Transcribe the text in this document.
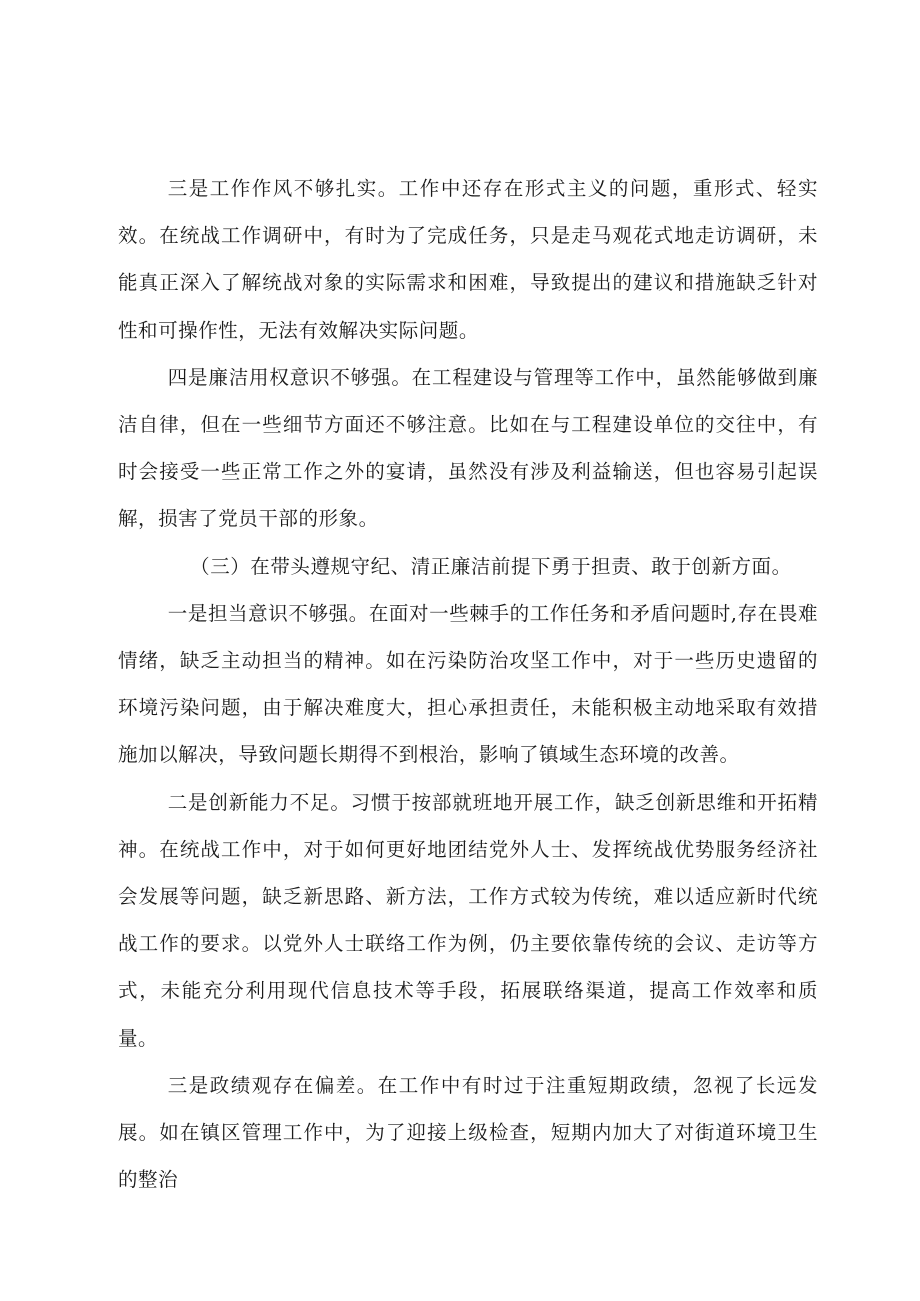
三是工作作风不够扎实。工作中还存在形式主义的问题，重形式、轻实效。在统战工作调研中，有时为了完成任务，只是走马观花式地走访调研，未能真正深入了解统战对象的实际需求和困难，导致提出的建议和措施缺乏针对性和可操作性，无法有效解决实际问题。

四是廉洁用权意识不够强。在工程建设与管理等工作中，虽然能够做到廉洁自律，但在一些细节方面还不够注意。比如在与工程建设单位的交往中，有时会接受一些正常工作之外的宴请，虽然没有涉及利益输送，但也容易引起误解，损害了党员干部的形象。

（三）在带头遵规守纪、清正廉洁前提下勇于担责、敢于创新方面。

一是担当意识不够强。在面对一些棘手的工作任务和矛盾问题时,存在畏难情绪，缺乏主动担当的精神。如在污染防治攻坚工作中，对于一些历史遗留的环境污染问题，由于解决难度大，担心承担责任，未能积极主动地采取有效措施加以解决，导致问题长期得不到根治，影响了镇域生态环境的改善。

二是创新能力不足。习惯于按部就班地开展工作，缺乏创新思维和开拓精神。在统战工作中，对于如何更好地团结党外人士、发挥统战优势服务经济社会发展等问题，缺乏新思路、新方法，工作方式较为传统，难以适应新时代统战工作的要求。以党外人士联络工作为例，仍主要依靠传统的会议、走访等方式，未能充分利用现代信息技术等手段，拓展联络渠道，提高工作效率和质量。

三是政绩观存在偏差。在工作中有时过于注重短期政绩，忽视了长远发展。如在镇区管理工作中，为了迎接上级检查，短期内加大了对街道环境卫生的整治
